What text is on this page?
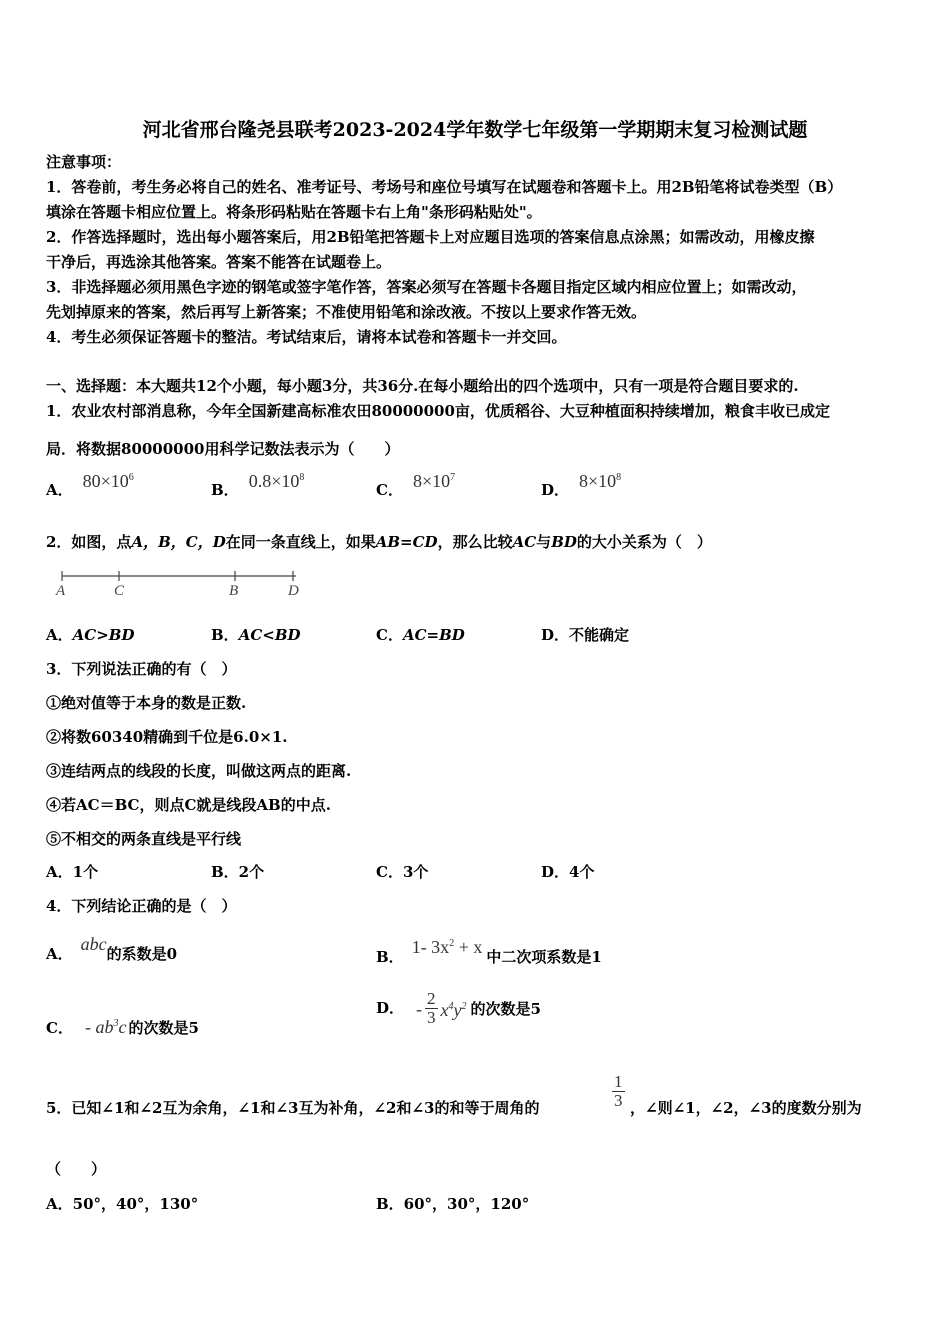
河北省邢台隆尧县联考2023-2024学年数学七年级第一学期期末复习检测试题
注意事项：
1．答卷前，考生务必将自己的姓名、准考证号、考场号和座位号填写在试题卷和答题卡上。用2B铅笔将试卷类型（B）
填涂在答题卡相应位置上。将条形码粘贴在答题卡右上角"条形码粘贴处"。
2．作答选择题时，选出每小题答案后，用2B铅笔把答题卡上对应题目选项的答案信息点涂黑；如需改动，用橡皮擦
干净后，再选涂其他答案。答案不能答在试题卷上。
3．非选择题必须用黑色字迹的钢笔或签字笔作答，答案必须写在答题卡各题目指定区域内相应位置上；如需改动，
先划掉原来的答案，然后再写上新答案；不准使用铅笔和涂改液。不按以上要求作答无效。
4．考生必须保证答题卡的整洁。考试结束后，请将本试卷和答题卡一并交回。
一、选择题：本大题共12个小题，每小题3分，共36分.在每小题给出的四个选项中，只有一项是符合题目要求的.
1．农业农村部消息称，今年全国新建高标准农田80000000亩，优质稻谷、大豆种植面积持续增加，粮食丰收已成定
局．将数据80000000用科学记数法表示为（　　）
A． $80\times 10^6$
B． $0.8\times 10^8$
C． $8\times 10^7$
D． $8\times 10^8$
2．如图，点A，B，C，D在同一条直线上，如果AB=CD，那么比较AC与BD的大小关系为（　）
A	C	B	D
A．AC>BD	B．AC<BD	C．AC=BD	D．不能确定
3．下列说法正确的有（　）
①绝对值等于本身的数是正数.
②将数60340精确到千位是6.0×1.
③连结两点的线段的长度，叫做这两点的距离.
④若AC＝BC，则点C就是线段AB的中点.
⑤不相交的两条直线是平行线
A．1个	B．2个	C．3个	D．4个
4．下列结论正确的是（　）
A． abc的系数是0	B． 1- $3x^2 + x$ 中二次项系数是1
C． - $ab^3c$ 的次数是5
D． - $\frac{2}{3} x^4y^2$ 的次数是5
5．已知∠1和∠2互为余角，∠1和∠3互为补角，∠2和∠3的和等于周角的	$\frac{1}{3}$ ，∠则∠1，∠2，∠3的度数分别为
（　　）
A．50°，40°，130°	B．60°，30°，120°
